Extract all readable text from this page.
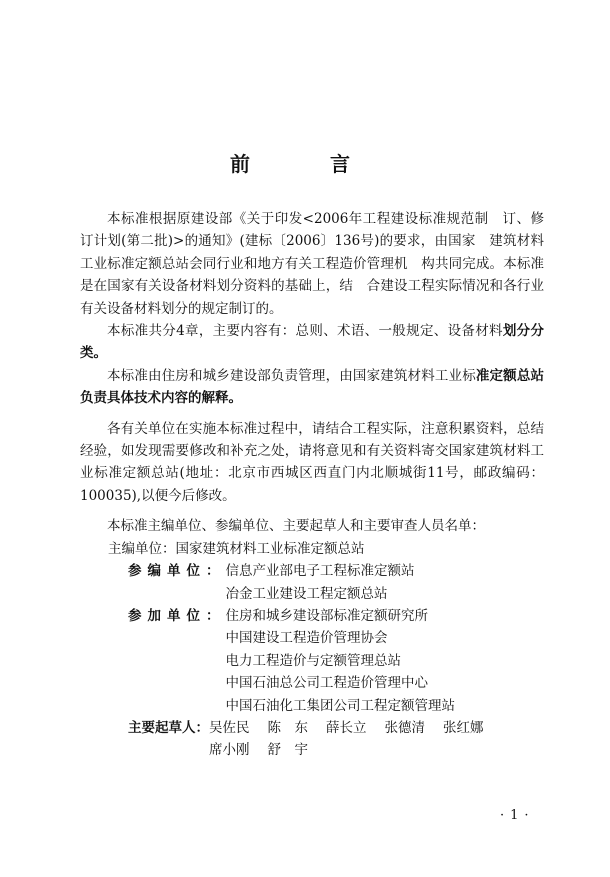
前　言

本标准根据原建设部《关于印发<2006年工程建设标准规范制　订、修订计划(第二批)>的通知》(建标〔2006〕136号)的要求，由国家　建筑材料工业标准定额总站会同行业和地方有关工程造价管理机　构共同完成。本标准是在国家有关设备材料划分资料的基础上，结　合建设工程实际情况和各行业有关设备材料划分的规定制订的。

本标准共分4章，主要内容有：总则、术语、一般规定、设备材料划分分类。

本标准由住房和城乡建设部负责管理，由国家建筑材料工业标准定额总站负责具体技术内容的解释。

各有关单位在实施本标准过程中，请结合工程实际，注意积累资料，总结经验，如发现需要修改和补充之处，请将意见和有关资料寄交国家建筑材料工业标准定额总站(地址：北京市西城区西直门内北顺城街11号，邮政编码：100035),以便今后修改。

本标准主编单位、参编单位、主要起草人和主要审查人员名单：

主编单位： 国家建筑材料工业标准定额总站
参编单位： 信息产业部电子工程标准定额站
冶金工业建设工程定额总站
参加单位： 住房和城乡建设部标准定额研究所
中国建设工程造价管理协会
电力工程造价与定额管理总站
中国石油总公司工程造价管理中心
中国石油化工集团公司工程定额管理站
主要起草人： 吴佐民 陈　东 薛长立 张德清 张红娜
席小刚 舒　宇
·1·
